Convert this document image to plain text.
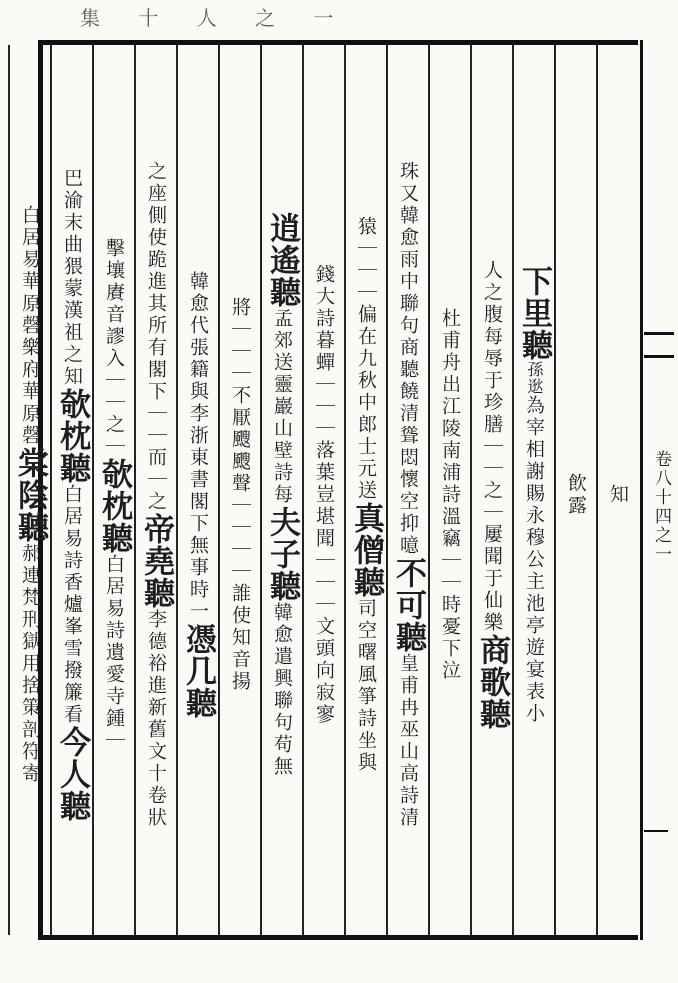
集 十 人 之 一
知
飲露
下里聽孫逖為宰相謝賜永穆公主池亭遊宴表小
人之腹每辱于珍膳｜｜之｜屢聞于仙樂商歌聽
杜甫舟出江陵南浦詩溫竊｜｜時憂下泣
珠又韓愈雨中聯句商聽饒清聳悶懷空抑噫不可聽皇甫冉巫山高詩清
猿｜｜｜偏在九秋中郎士元送真僧聽司空曙風箏詩坐與
錢大詩暮蟬｜｜｜落葉豈堪聞｜｜｜文頭向寂寥
逍遙聽孟郊送靈巖山壁詩每夫子聽韓愈遣興聯句苟無
將｜｜｜不厭颼颼聲｜｜｜｜誰使知音揚
韓愈代張籍與李浙東書閣下無事時一憑几聽
之座側使跪進其所有閣下｜｜而｜之帝堯聽李德裕進新舊文十卷狀
擊壤賡音謬入｜｜之｜欹枕聽白居易詩遺愛寺鍾｜
巴渝末曲猥蒙漢祖之知欹枕聽白居易詩香爐峯雪撥簾看今人聽
白居易華原磬樂府華原磬棠陰聽郝連梵刑獄用捨策剖符寄
卷八十四之一
